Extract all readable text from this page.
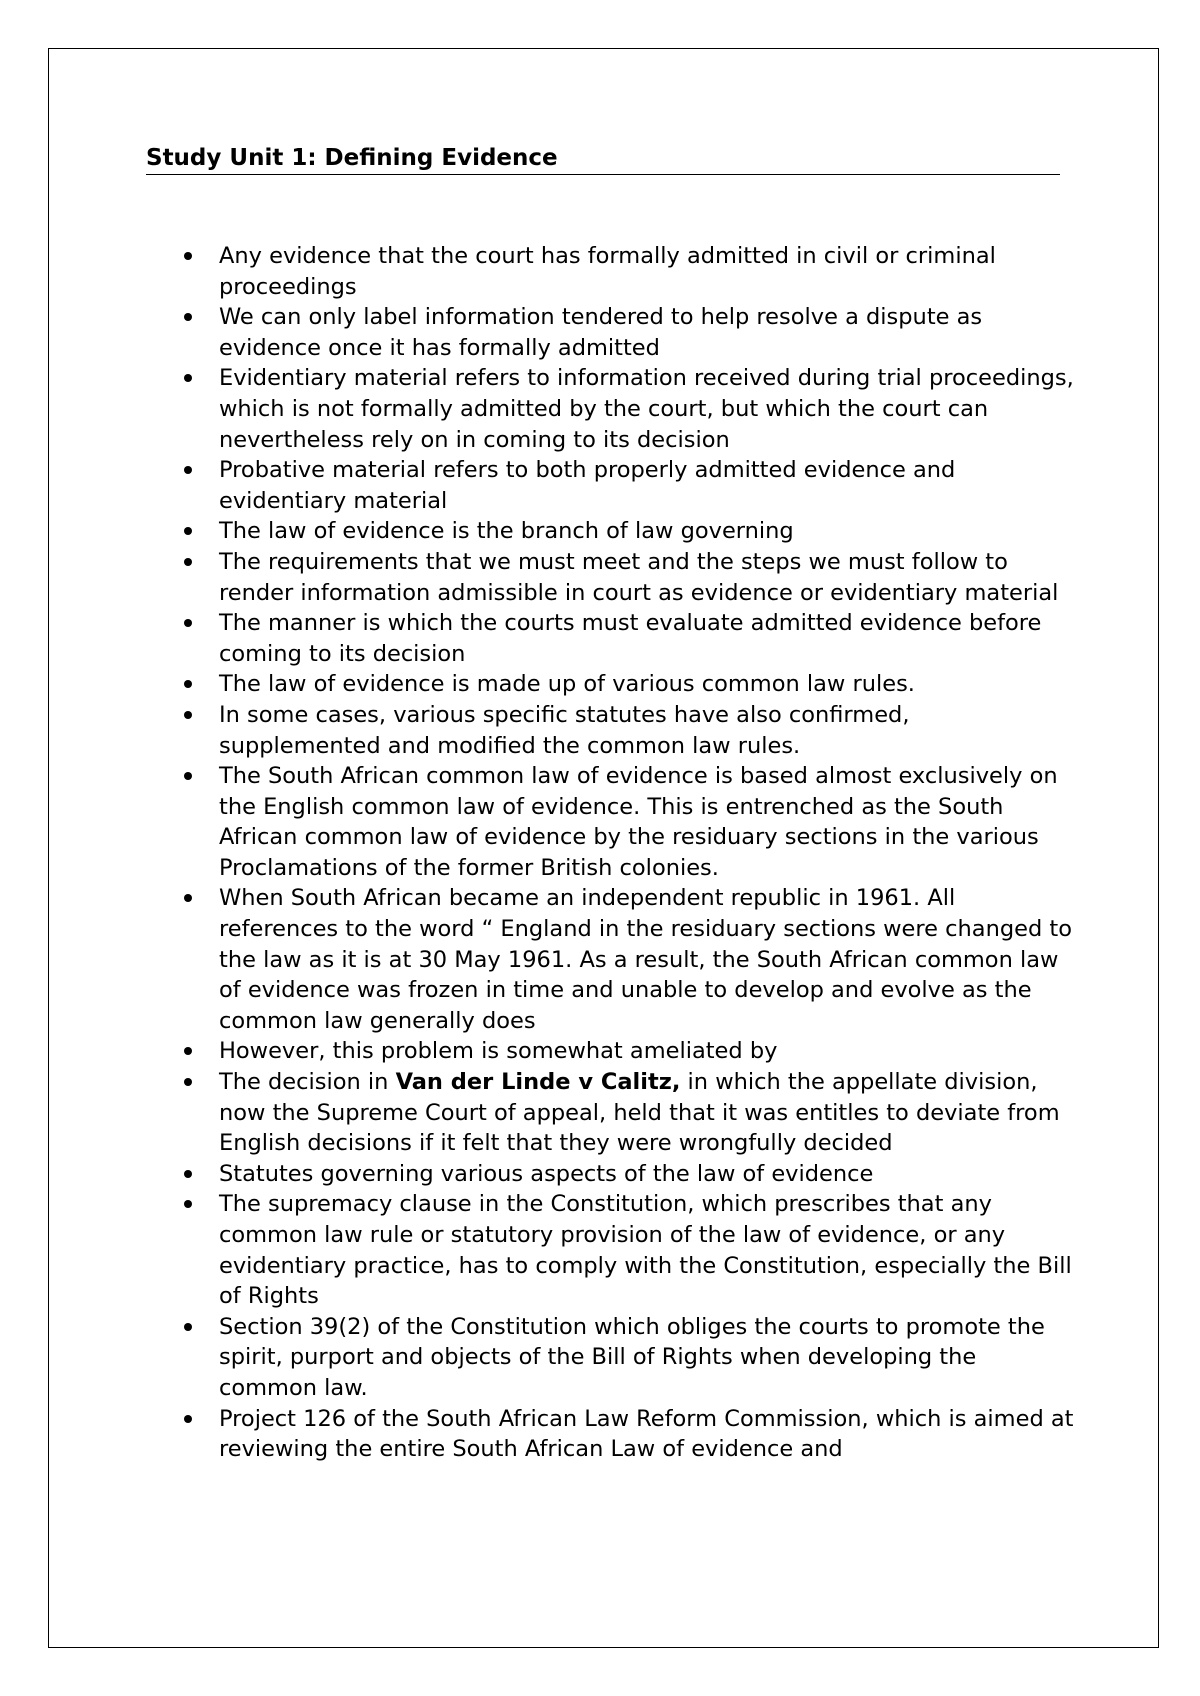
Study Unit 1: Defining Evidence
Any evidence that the court has formally admitted in civil or criminal proceedings
We can only label information tendered to help resolve a dispute as evidence once it has formally admitted
Evidentiary material refers to information received during trial proceedings, which is not formally admitted by the court, but which the court can nevertheless rely on in coming to its decision
Probative material refers to both properly admitted evidence and evidentiary material
The law of evidence is the branch of law governing
The requirements that we must meet and the steps we must follow to render information admissible in court as evidence or evidentiary material
The manner is which the courts must evaluate admitted evidence before coming to its decision
The law of evidence is made up of various common law rules.
In some cases, various specific statutes have also confirmed, supplemented and modified the common law rules.
The South African common law of evidence is based almost exclusively on the English common law of evidence. This is entrenched as the South African common law of evidence by the residuary sections in the various Proclamations of the former British colonies.
When South African became an independent republic in 1961. All references to the word “ England in the residuary sections were changed to the law as it is at 30 May 1961. As a result, the South African common law of evidence was frozen in time and unable to develop and evolve as the common law generally does
However, this problem is somewhat ameliated by
The decision in Van der Linde v Calitz, in which the appellate division, now the Supreme Court of appeal, held that it was entitles to deviate from English decisions if it felt that they were wrongfully decided
Statutes governing various aspects of the law of evidence
The supremacy clause in the Constitution, which prescribes that any common law rule or statutory provision of the law of evidence, or any evidentiary practice, has to comply with the Constitution, especially the Bill of Rights
Section 39(2) of the Constitution which obliges the courts to promote the spirit, purport and objects of the Bill of Rights when developing the common law.
Project 126 of the South African Law Reform Commission, which is aimed at reviewing the entire South African Law of evidence and
